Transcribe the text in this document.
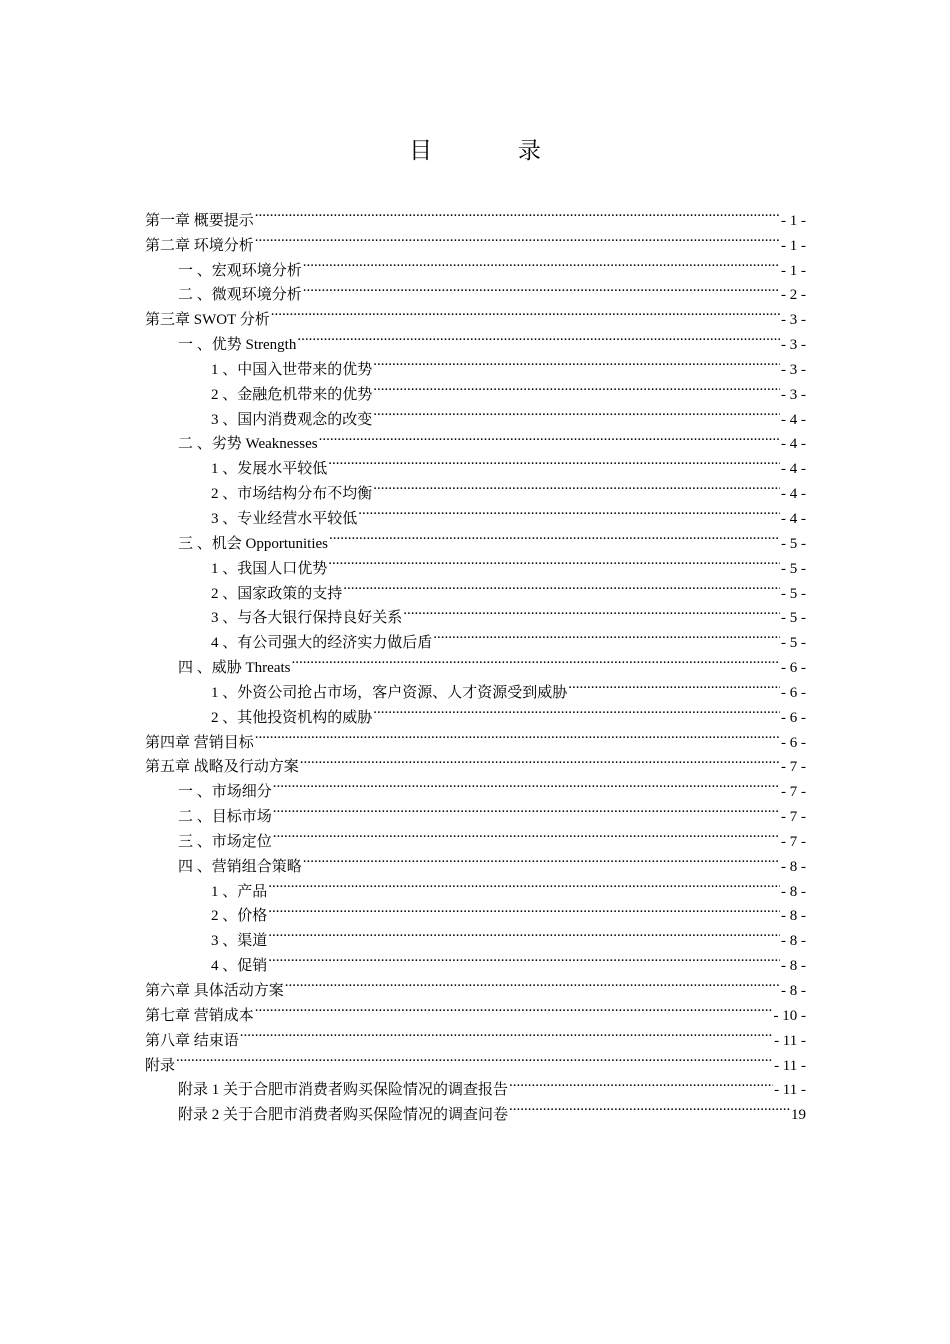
目 录
第一章 概要提示 .....	- 1 -
第二章 环境分析 .....	- 1 -
一 、宏观环境分析 .....	- 1 -
二 、微观环境分析 .....	- 2 -
第三章 SWOT 分析 .....	- 3 -
一 、优势 Strength .....	- 3 -
1 、中国入世带来的优势 .....	- 3 -
2 、金融危机带来的优势 .....	- 3 -
3 、国内消费观念的改变 .....	- 4 -
二 、劣势 Weaknesses .....	- 4 -
1 、发展水平较低 .....	- 4 -
2 、市场结构分布不均衡 .....	- 4 -
3 、专业经营水平较低 .....	- 4 -
三 、机会 Opportunities .....	- 5 -
1 、我国人口优势 .....	- 5 -
2 、国家政策的支持 .....	- 5 -
3 、与各大银行保持良好关系 .....	- 5 -
4 、有公司强大的经济实力做后盾 .....	- 5 -
四 、威胁 Threats .....	- 6 -
1 、外资公司抢占市场，客户资源、人才资源受到威胁 .....	- 6 -
2 、其他投资机构的威胁 .....	- 6 -
第四章 营销目标 .....	- 6 -
第五章 战略及行动方案 .....	- 7 -
一 、市场细分 .....	- 7 -
二 、目标市场 .....	- 7 -
三 、市场定位 .....	- 7 -
四 、营销组合策略 .....	- 8 -
1 、产品 .....	- 8 -
2 、价格 .....	- 8 -
3 、渠道 .....	- 8 -
4 、促销 .....	- 8 -
第六章 具体活动方案 .....	- 8 -
第七章 营销成本 .....	- 10 -
第八章 结束语 .....	- 11 -
附录 .....	- 11 -
附录 1 关于合肥市消费者购买保险情况的调查报告 .....	- 11 -
附录 2 关于合肥市消费者购买保险情况的调查问卷 .....	19
